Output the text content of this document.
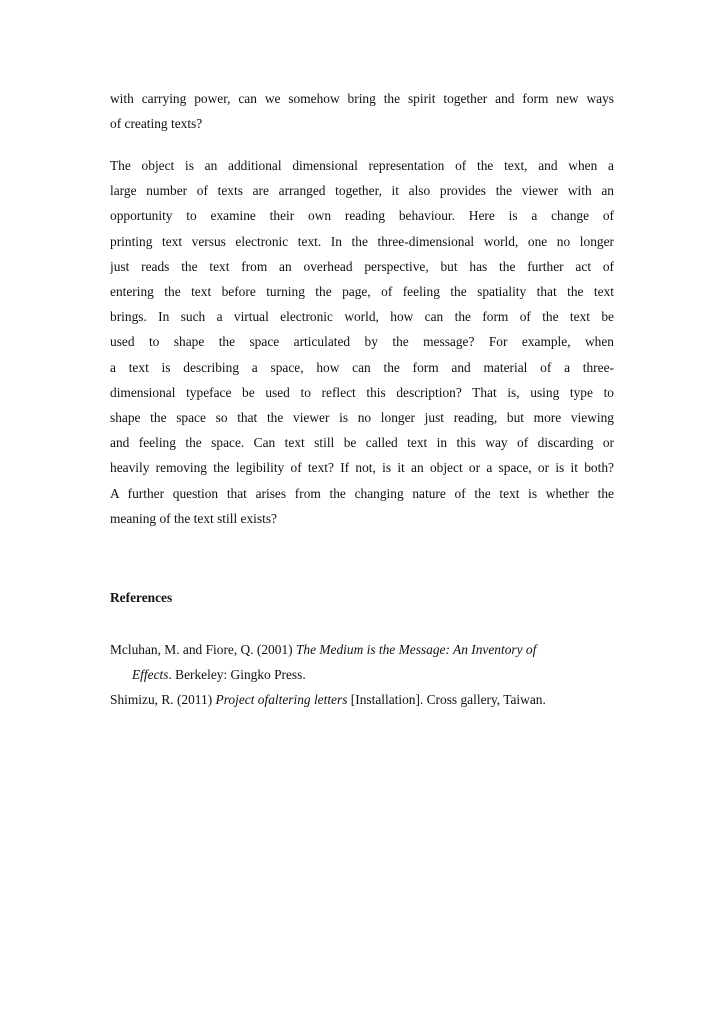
with carrying power, can we somehow bring the spirit together and form new ways
of creating texts?
The object is an additional dimensional representation of the text, and when a
large number of texts are arranged together, it also provides the viewer with an
opportunity to examine their own reading behaviour. Here is a change of
printing text versus electronic text. In the three-dimensional world, one no longer
just reads the text from an overhead perspective, but has the further act of
entering the text before turning the page, of feeling the spatiality that the text
brings. In such a virtual electronic world, how can the form of the text be
used to shape the space articulated by the message? For example, when
a text is describing a space, how can the form and material of a three-
dimensional typeface be used to reflect this description? That is, using type to
shape the space so that the viewer is no longer just reading, but more viewing
and feeling the space. Can text still be called text in this way of discarding or
heavily removing the legibility of text? If not, is it an object or a space, or is it both?
A further question that arises from the changing nature of the text is whether the
meaning of the text still exists?
References
Mcluhan, M. and Fiore, Q. (2001) The Medium is the Message: An Inventory of
Effects. Berkeley: Gingko Press.
Shimizu, R. (2011) Project ofaltering letters [Installation]. Cross gallery, Taiwan.
